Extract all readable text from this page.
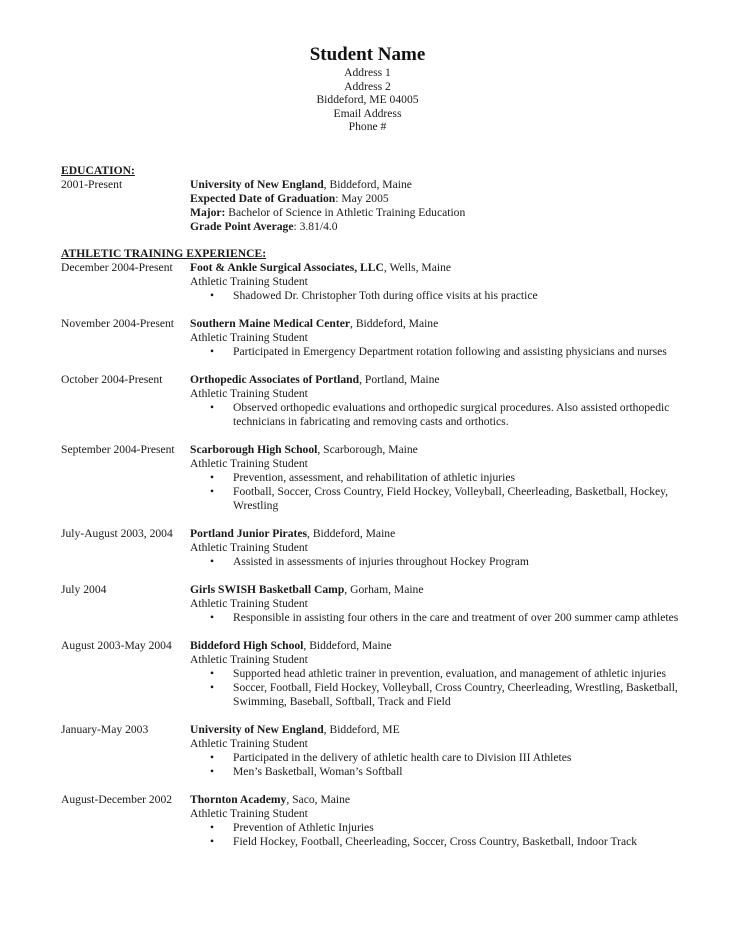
Student Name
Address 1
Address 2
Biddeford, ME 04005
Email Address
Phone #
EDUCATION:
2001-Present	University of New England, Biddeford, Maine
Expected Date of Graduation: May 2005
Major: Bachelor of Science in Athletic Training Education
Grade Point Average: 3.81/4.0
ATHLETIC TRAINING EXPERIENCE:
December 2004-Present	Foot & Ankle Surgical Associates, LLC, Wells, Maine
Athletic Training Student
• Shadowed Dr. Christopher Toth during office visits at his practice
November 2004-Present	Southern Maine Medical Center, Biddeford, Maine
Athletic Training Student
• Participated in Emergency Department rotation following and assisting physicians and nurses
October 2004-Present	Orthopedic Associates of Portland, Portland, Maine
Athletic Training Student
• Observed orthopedic evaluations and orthopedic surgical procedures. Also assisted orthopedic technicians in fabricating and removing casts and orthotics.
September 2004-Present	Scarborough High School, Scarborough, Maine
Athletic Training Student
• Prevention, assessment, and rehabilitation of athletic injuries
• Football, Soccer, Cross Country, Field Hockey, Volleyball, Cheerleading, Basketball, Hockey, Wrestling
July-August 2003, 2004	Portland Junior Pirates, Biddeford, Maine
Athletic Training Student
• Assisted in assessments of injuries throughout Hockey Program
July 2004	Girls SWISH Basketball Camp, Gorham, Maine
Athletic Training Student
• Responsible in assisting four others in the care and treatment of over 200 summer camp athletes
August 2003-May 2004	Biddeford High School, Biddeford, Maine
Athletic Training Student
• Supported head athletic trainer in prevention, evaluation, and management of athletic injuries
• Soccer, Football, Field Hockey, Volleyball, Cross Country, Cheerleading, Wrestling, Basketball, Swimming, Baseball, Softball, Track and Field
January-May 2003	University of New England, Biddeford, ME
Athletic Training Student
• Participated in the delivery of athletic health care to Division III Athletes
• Men’s Basketball, Woman’s Softball
August-December 2002	Thornton Academy, Saco, Maine
Athletic Training Student
• Prevention of Athletic Injuries
• Field Hockey, Football, Cheerleading, Soccer, Cross Country, Basketball, Indoor Track
